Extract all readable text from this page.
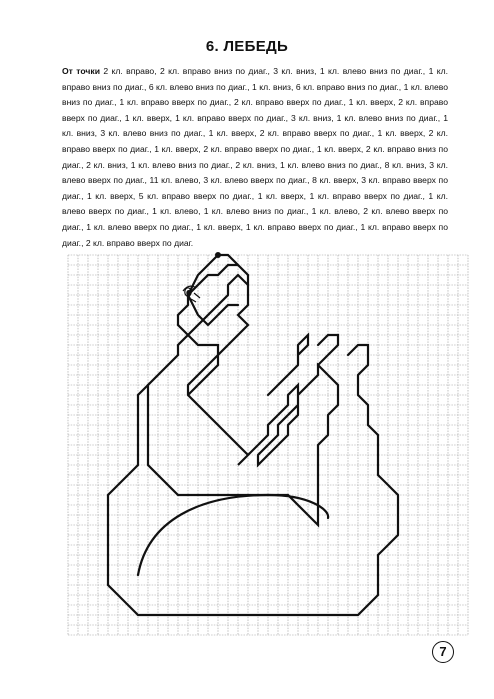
6. ЛЕБЕДЬ
От точки 2 кл. вправо, 2 кл. вправо вниз по диаг., 3 кл. вниз, 1 кл. влево вниз по диаг., 1 кл. вправо вниз по диаг., 6 кл. влево вниз по диаг., 1 кл. вниз, 6 кл. вправо вниз по диаг., 1 кл. влево вниз по диаг., 1 кл. вправо вверх по диаг., 2 кл. вправо вверх по диаг., 1 кл. вверх, 2 кл. вправо вверх по диаг., 1 кл. вверх, 1 кл. вправо вверх по диаг., 3 кл. вниз, 1 кл. влево вниз по диаг., 1 кл. вниз, 3 кл. влево вниз по диаг., 1 кл. вверх, 2 кл. вправо вверх по диаг., 1 кл. вверх, 2 кл. вправо вверх по диаг., 1 кл. вверх, 2 кл. вправо вверх по диаг., 1 кл. вверх, 2 кл. вправо вниз по диаг., 2 кл. вниз, 1 кл. влево вниз по диаг., 2 кл. вниз, 1 кл. влево вниз по диаг., 8 кл. вниз, 3 кл. влево вверх по диаг., 11 кл. влево, 3 кл. влево вверх по диаг., 8 кл. вверх, 3 кл. вправо вверх по диаг., 1 кл. вверх, 5 кл. вправо вверх по диаг., 1 кл. вверх, 1 кл. вправо вверх по диаг., 1 кл. влево вверх по диаг., 1 кл. влево, 1 кл. влево вниз по диаг., 1 кл. влево, 2 кл. влево вверх по диаг., 1 кл. влево вверх по диаг., 1 кл. вверх, 1 кл. вправо вверх по диаг., 1 кл. вправо вверх по диаг., 2 кл. вправо вверх по диаг.
7
